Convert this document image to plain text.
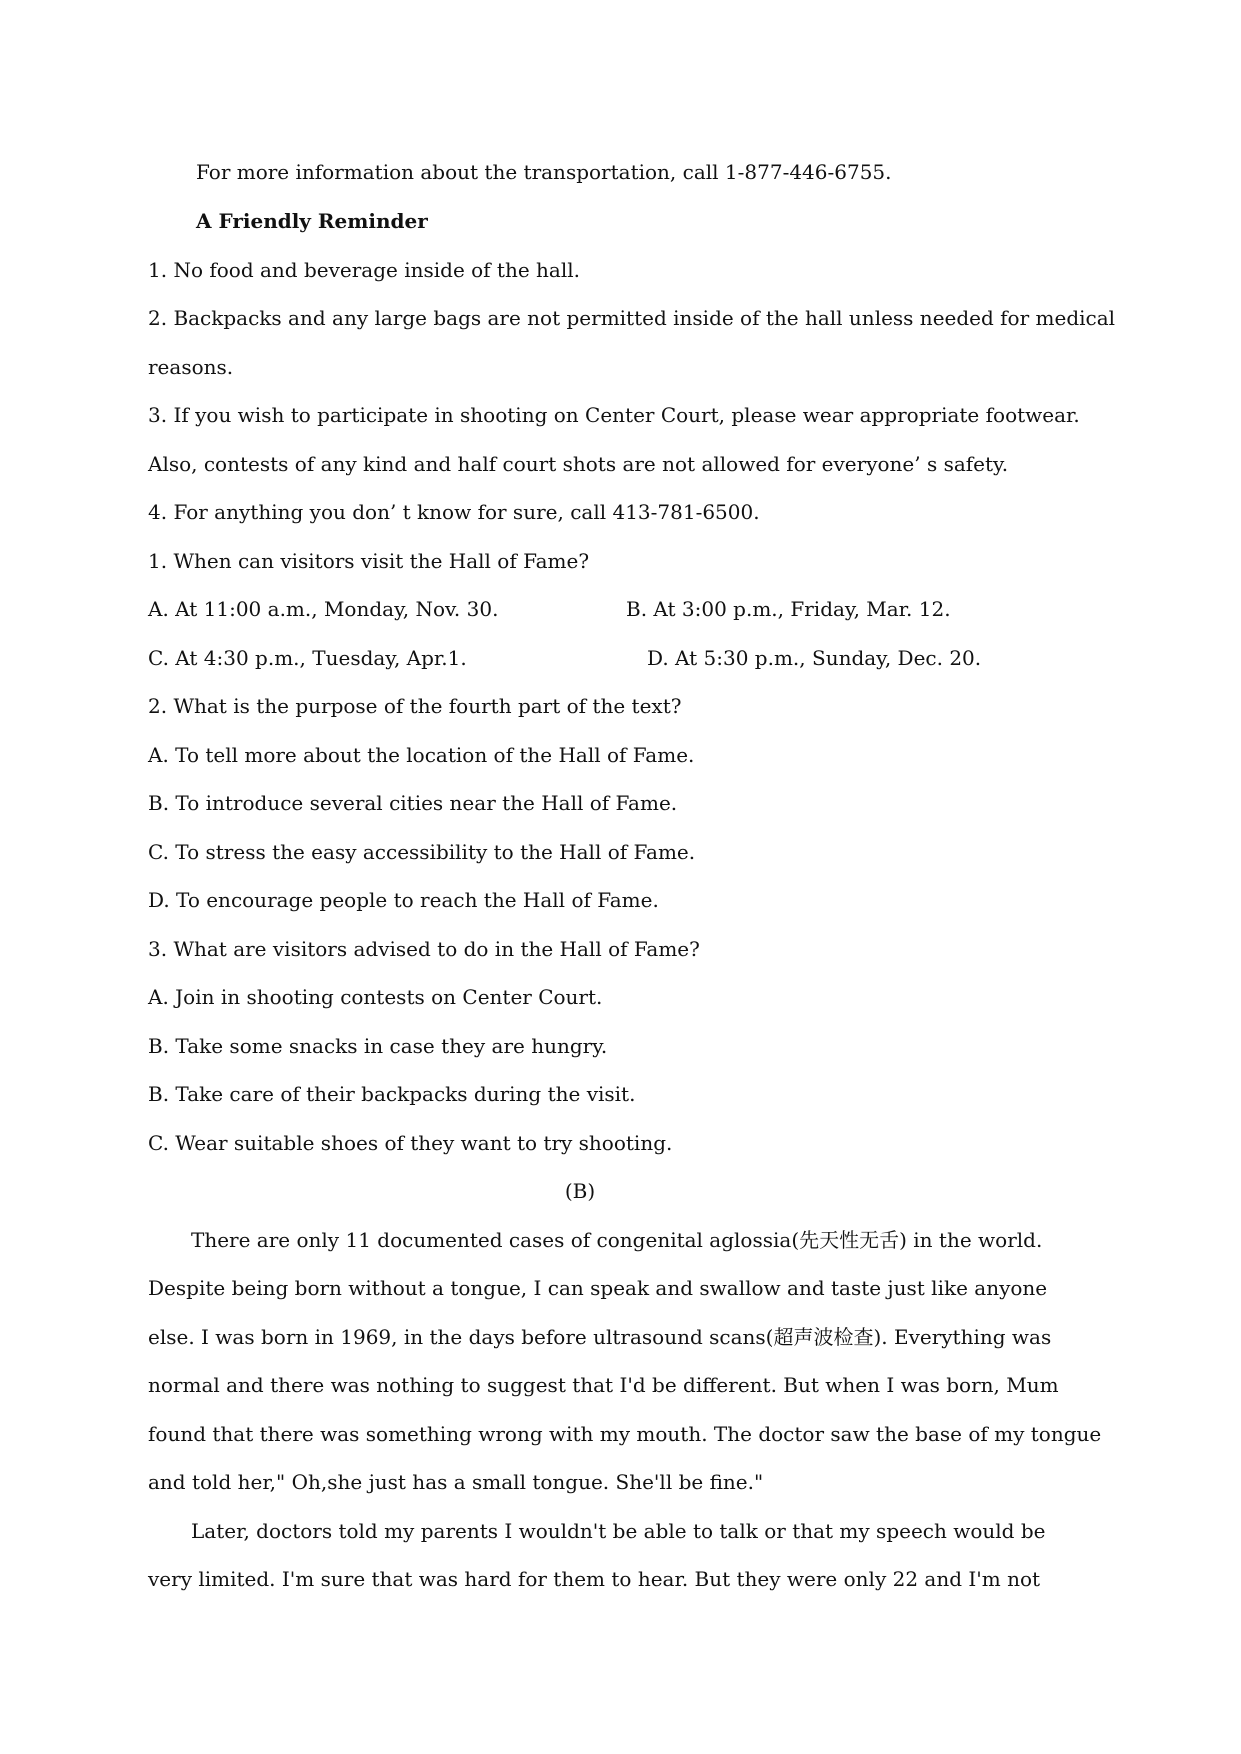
For more information about the transportation, call 1-877-446-6755.
A Friendly Reminder
1. No food and beverage inside of the hall.
2. Backpacks and any large bags are not permitted inside of the hall unless needed for medical
reasons.
3. If you wish to participate in shooting on Center Court, please wear appropriate footwear.
Also, contests of any kind and half court shots are not allowed for everyone’ s safety.
4. For anything you don’ t know for sure, call 413-781-6500.
1. When can visitors visit the Hall of Fame?
A. At 11:00 a.m., Monday, Nov. 30.	B. At 3:00 p.m., Friday, Mar. 12.
C. At 4:30 p.m., Tuesday, Apr.1.	D. At 5:30 p.m., Sunday, Dec. 20.
2. What is the purpose of the fourth part of the text?
A. To tell more about the location of the Hall of Fame.
B. To introduce several cities near the Hall of Fame.
C. To stress the easy accessibility to the Hall of Fame.
D. To encourage people to reach the Hall of Fame.
3. What are visitors advised to do in the Hall of Fame?
A. Join in shooting contests on Center Court.
B. Take some snacks in case they are hungry.
B. Take care of their backpacks during the visit.
C. Wear suitable shoes of they want to try shooting.
(B)
There are only 11 documented cases of congenital aglossia(先天性无舌) in the world.
Despite being born without a tongue, I can speak and swallow and taste just like anyone
else. I was born in 1969, in the days before ultrasound scans(超声波检查). Everything was
normal and there was nothing to suggest that I'd be different. But when I was born, Mum
found that there was something wrong with my mouth. The doctor saw the base of my tongue
and told her," Oh,she just has a small tongue. She'll be fine."
Later, doctors told my parents I wouldn't be able to talk or that my speech would be
very limited. I'm sure that was hard for them to hear. But they were only 22 and I'm not
